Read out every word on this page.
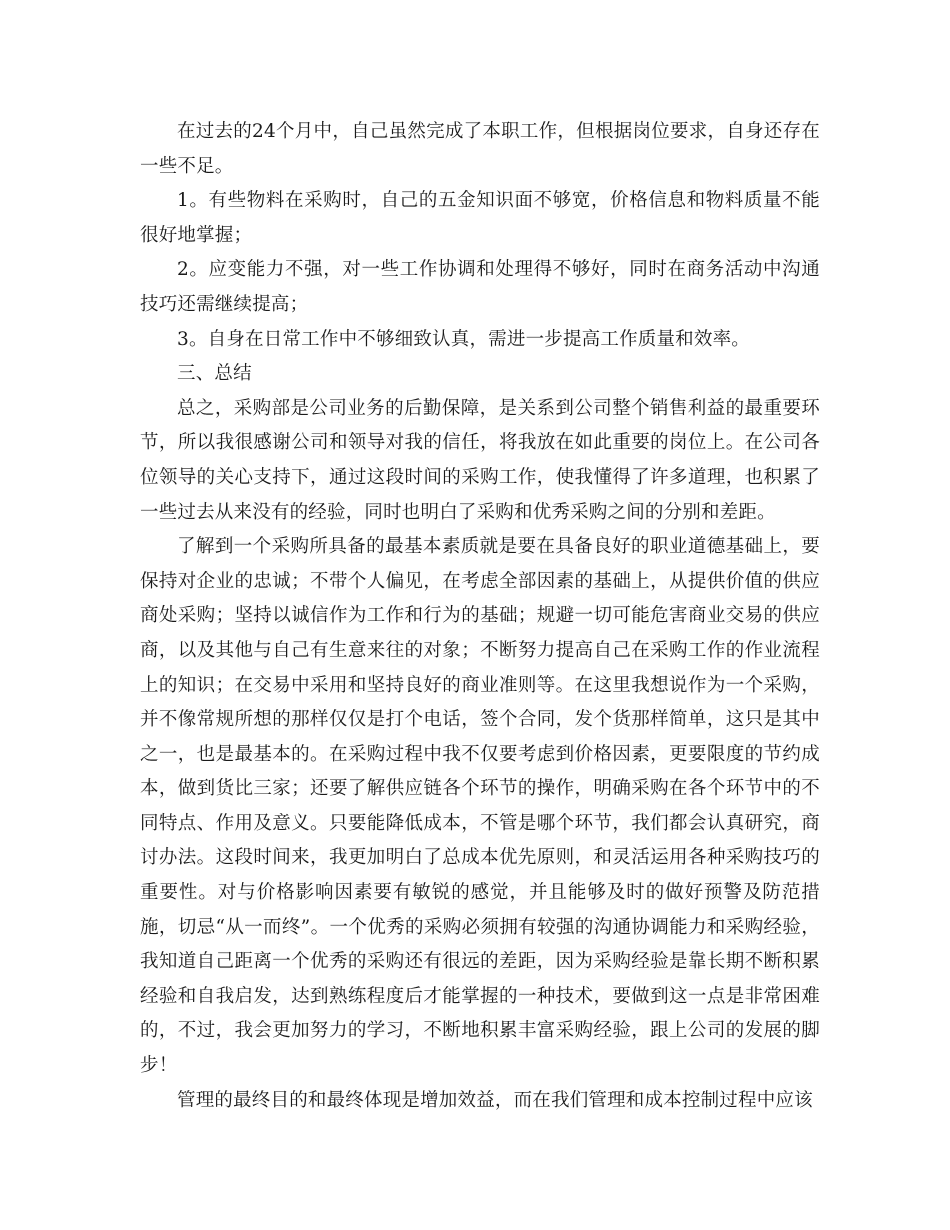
在过去的24个月中，自己虽然完成了本职工作，但根据岗位要求，自身还存在一些不足。

1。有些物料在采购时，自己的五金知识面不够宽，价格信息和物料质量不能很好地掌握；

2。应变能力不强，对一些工作协调和处理得不够好，同时在商务活动中沟通技巧还需继续提高；

3。自身在日常工作中不够细致认真，需进一步提高工作质量和效率。

三、总结

总之，采购部是公司业务的后勤保障，是关系到公司整个销售利益的最重要环节，所以我很感谢公司和领导对我的信任，将我放在如此重要的岗位上。在公司各位领导的关心支持下，通过这段时间的采购工作，使我懂得了许多道理，也积累了一些过去从来没有的经验，同时也明白了采购和优秀采购之间的分别和差距。

了解到一个采购所具备的最基本素质就是要在具备良好的职业道德基础上，要保持对企业的忠诚；不带个人偏见，在考虑全部因素的基础上，从提供价值的供应商处采购；坚持以诚信作为工作和行为的基础；规避一切可能危害商业交易的供应商，以及其他与自己有生意来往的对象；不断努力提高自己在采购工作的作业流程上的知识；在交易中采用和坚持良好的商业准则等。在这里我想说作为一个采购，并不像常规所想的那样仅仅是打个电话，签个合同，发个货那样简单，这只是其中之一，也是最基本的。在采购过程中我不仅要考虑到价格因素，更要限度的节约成本，做到货比三家；还要了解供应链各个环节的操作，明确采购在各个环节中的不同特点、作用及意义。只要能降低成本，不管是哪个环节，我们都会认真研究，商讨办法。这段时间来，我更加明白了总成本优先原则，和灵活运用各种采购技巧的重要性。对与价格影响因素要有敏锐的感觉，并且能够及时的做好预警及防范措施，切忌“从一而终”。一个优秀的采购必须拥有较强的沟通协调能力和采购经验，我知道自己距离一个优秀的采购还有很远的差距，因为采购经验是靠长期不断积累经验和自我启发，达到熟练程度后才能掌握的一种技术，要做到这一点是非常困难的，不过，我会更加努力的学习，不断地积累丰富采购经验，跟上公司的发展的脚步！

管理的最终目的和最终体现是增加效益，而在我们管理和成本控制过程中应该
